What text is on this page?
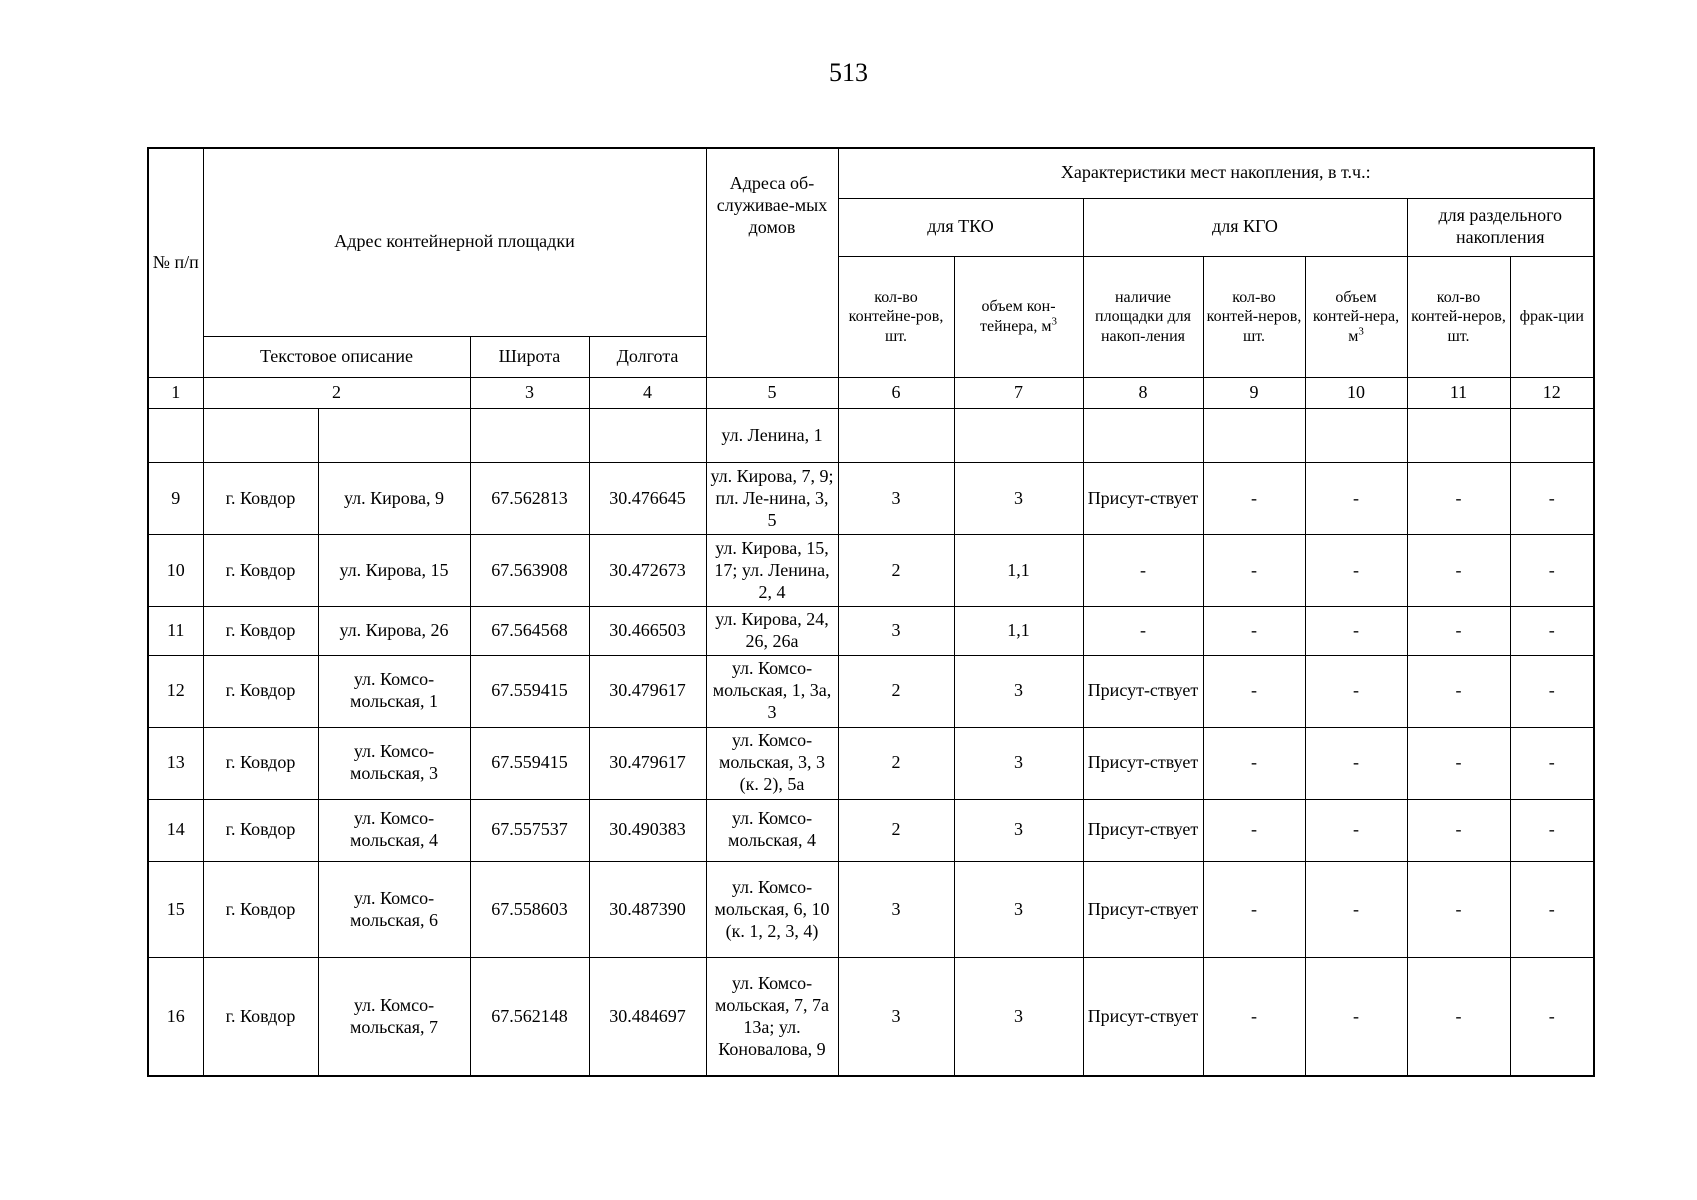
513
№ п/п	Адрес контейнерной площадки				Адреса об-служивае-мых домов	Характеристики мест накопления, в т.ч.:						
						для ТКО		для КГО			для раздельного накопления	
						кол-во контейне-ров, шт.	объем кон-тейнера, $м^3$	наличие площадки для накоп-ления	кол-во контей-неров, шт.	объем контей-нера, $м^3$	кол-во контей-неров, шт.	фрак-ции
	Текстовое описание		Широта	Долгота								
1	2		3	4	5	6	7	8	9	10	11	12
					ул. Ленина, 1							
9	г. Ковдор	ул. Кирова, 9	67.562813	30.476645	ул. Кирова, 7, 9; пл. Ле-нина, 3, 5	3	3	Присут-ствует	-	-	-	-
10	г. Ковдор	ул. Кирова, 15	67.563908	30.472673	ул. Кирова, 15, 17; ул. Ленина, 2, 4	2	1,1	-	-	-	-	-
11	г. Ковдор	ул. Кирова, 26	67.564568	30.466503	ул. Кирова, 24, 26, 26а	3	1,1	-	-	-	-	-
12	г. Ковдор	ул. Комсо-мольская, 1	67.559415	30.479617	ул. Комсо-мольская, 1, 3а, 3	2	3	Присут-ствует	-	-	-	-
13	г. Ковдор	ул. Комсо-мольская, 3	67.559415	30.479617	ул. Комсо-мольская, 3, 3 (к. 2), 5а	2	3	Присут-ствует	-	-	-	-
14	г. Ковдор	ул. Комсо-мольская, 4	67.557537	30.490383	ул. Комсо-мольская, 4	2	3	Присут-ствует	-	-	-	-
15	г. Ковдор	ул. Комсо-мольская, 6	67.558603	30.487390	ул. Комсо-мольская, 6, 10 (к. 1, 2, 3, 4)	3	3	Присут-ствует	-	-	-	-
16	г. Ковдор	ул. Комсо-мольская, 7	67.562148	30.484697	ул. Комсо-мольская, 7, 7а 13а; ул. Коновалова, 9	3	3	Присут-ствует	-	-	-	-
